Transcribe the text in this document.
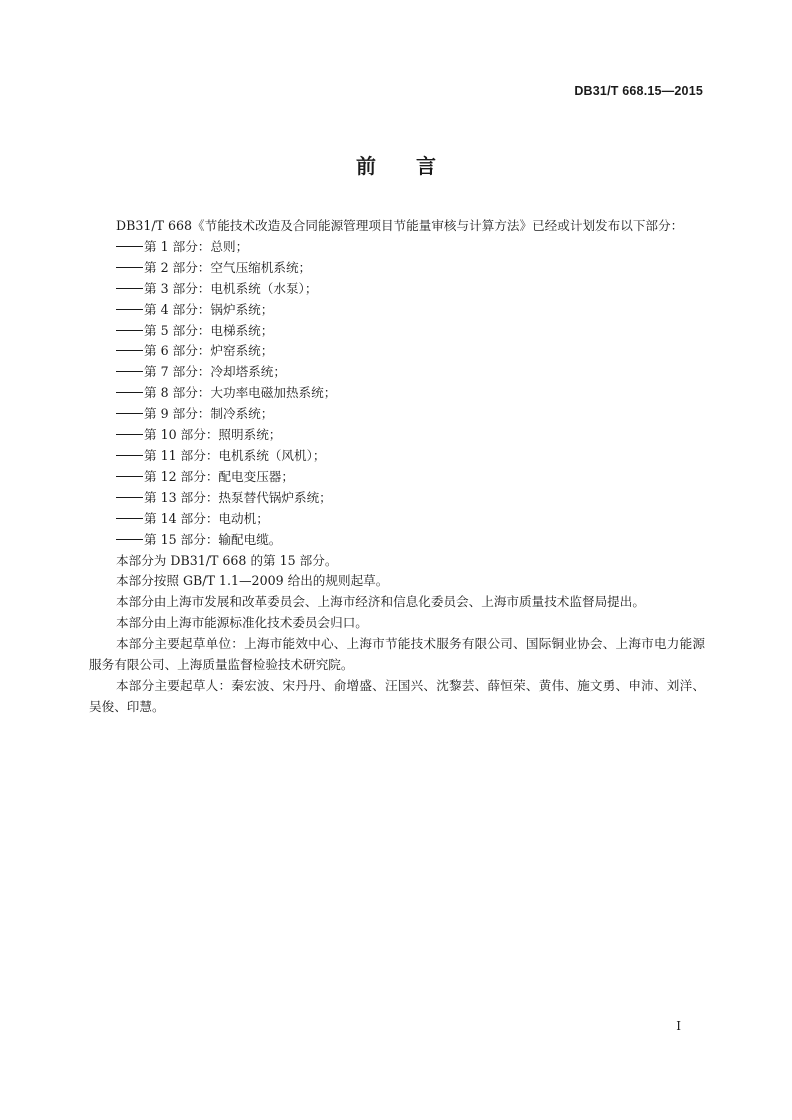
DB31/T 668.15—2015
前　　言

DB31/T 668《节能技术改造及合同能源管理项目节能量审核与计算方法》已经或计划发布以下部分：

第 1 部分：总则；
第 2 部分：空气压缩机系统；
第 3 部分：电机系统（水泵）；
第 4 部分：锅炉系统；
第 5 部分：电梯系统；
第 6 部分：炉窑系统；
第 7 部分：冷却塔系统；
第 8 部分：大功率电磁加热系统；
第 9 部分：制冷系统；
第 10 部分：照明系统；
第 11 部分：电机系统（风机）；
第 12 部分：配电变压器；
第 13 部分：热泵替代锅炉系统；
第 14 部分：电动机；
第 15 部分：输配电缆。

本部分为 DB31/T 668 的第 15 部分。

本部分按照 GB/T 1.1—2009 给出的规则起草。

本部分由上海市发展和改革委员会、上海市经济和信息化委员会、上海市质量技术监督局提出。

本部分由上海市能源标准化技术委员会归口。

本部分主要起草单位：上海市能效中心、上海市节能技术服务有限公司、国际铜业协会、上海市电力能源服务有限公司、上海质量监督检验技术研究院。

本部分主要起草人：秦宏波、宋丹丹、俞增盛、汪国兴、沈黎芸、薛恒荣、黄伟、施文勇、申沛、刘洋、吴俊、印慧。

I
